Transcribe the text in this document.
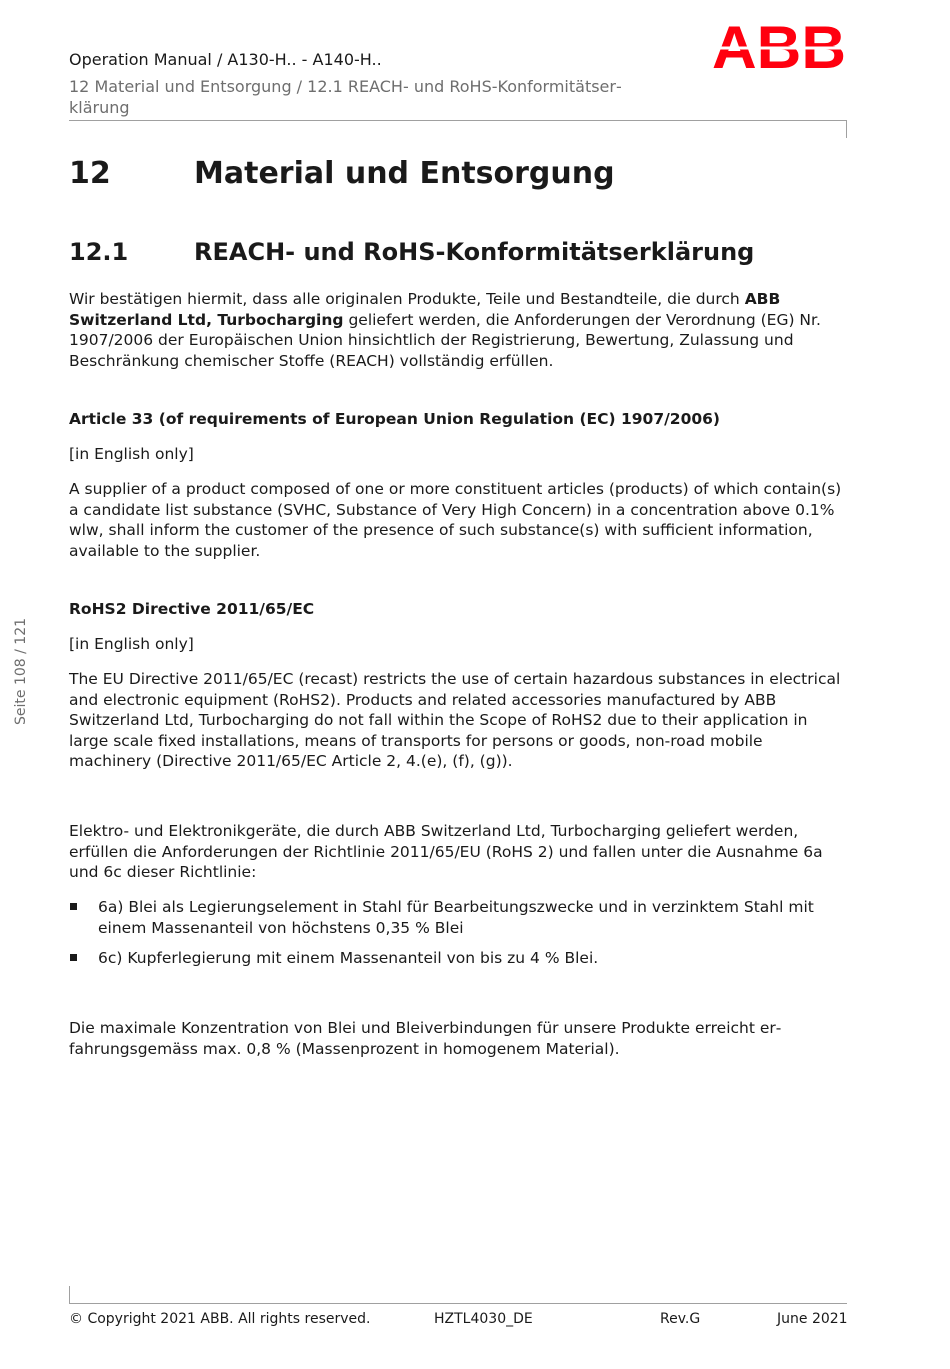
Operation Manual / A130-H.. - A140-H..
12 Material und Entsorgung / 12.1 REACH- und RoHS-Konformitätserklärung
ABB
Seite 108 / 121
12	Material und Entsorgung
12.1	REACH- und RoHS-Konformitätserklärung
Wir bestätigen hiermit, dass alle originalen Produkte, Teile und Bestandteile, die durch ABB Switzerland Ltd, Turbocharging geliefert werden, die Anforderungen der Verordnung (EG) Nr. 1907/2006 der Europäischen Union hinsichtlich der Registrierung, Bewertung, Zulassung und Beschränkung chemischer Stoffe (REACH) vollständig erfüllen.
Article 33 (of requirements of European Union Regulation (EC) 1907/2006)
[in English only]
A supplier of a product composed of one or more constituent articles (products) of which contain(s) a candidate list substance (SVHC, Substance of Very High Concern) in a concentration above 0.1% wlw, shall inform the customer of the presence of such substance(s) with sufficient information, available to the supplier.
RoHS2 Directive 2011/65/EC
[in English only]
The EU Directive 2011/65/EC (recast) restricts the use of certain hazardous substances in electrical and electronic equipment (RoHS2). Products and related accessories manufactured by ABB Switzerland Ltd, Turbocharging do not fall within the Scope of RoHS2 due to their application in large scale fixed installations, means of transports for persons or goods, non-road mobile machinery (Directive 2011/65/EC Article 2, 4.(e), (f), (g)).
Elektro- und Elektronikgeräte, die durch ABB Switzerland Ltd, Turbocharging geliefert werden, erfüllen die Anforderungen der Richtlinie 2011/65/EU (RoHS 2) und fallen unter die Ausnahme 6a und 6c dieser Richtlinie:
6a) Blei als Legierungselement in Stahl für Bearbeitungszwecke und in verzinktem Stahl mit einem Massenanteil von höchstens 0,35 % Blei
6c) Kupferlegierung mit einem Massenanteil von bis zu 4 % Blei.
Die maximale Konzentration von Blei und Bleiverbindungen für unsere Produkte erreicht erfahrungsgemäss max. 0,8 % (Massenprozent in homogenem Material).
© Copyright 2021 ABB. All rights reserved.	HZTL4030_DE	Rev.G	June 2021
